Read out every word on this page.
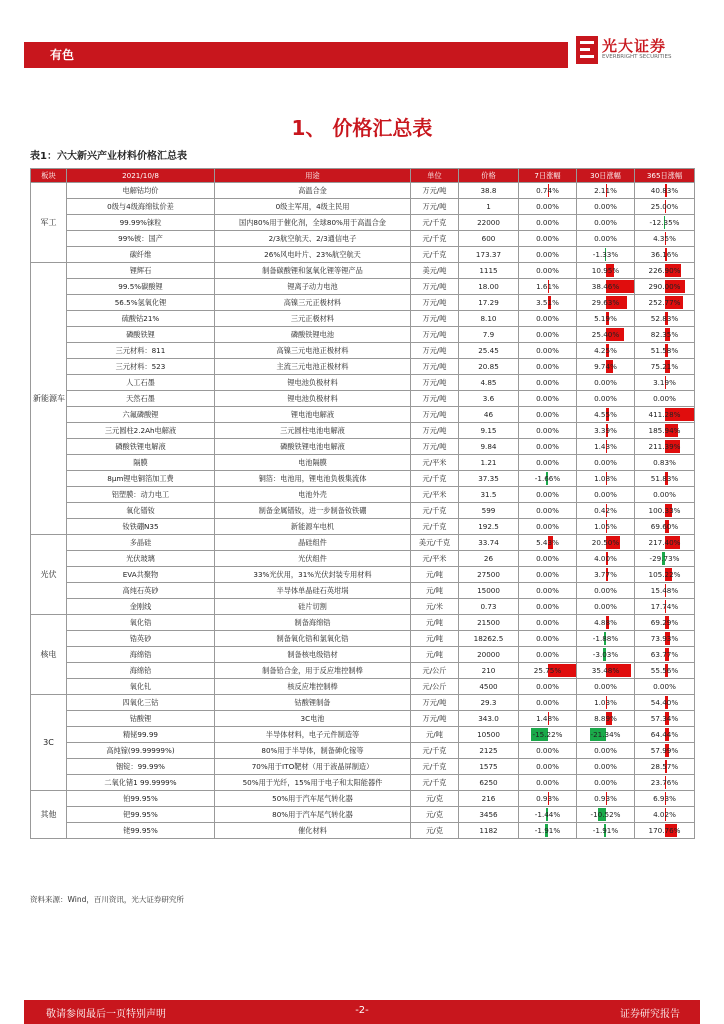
有色	光大证券
EVERBRIGHT SECURITIES
1、 价格汇总表
表1：六大新兴产业材料价格汇总表
板块	2021/10/8	用途	单位	价格	7日涨幅	30日涨幅	365日涨幅
军工	电解钴均价	高温合金	万元/吨	38.8	0.74%	2.11%	40.83%
	0级与4级海绵钛价差	0级主军用，4级主民用	万元/吨	1	0.00%	0.00%	25.00%
	99.99%铼粒	国内80%用于催化剂，全球80%用于高温合金	元/千克	22000	0.00%	0.00%	-12.35%
	99%铍：国产	2/3航空航天、2/3通信电子	元/千克	600	0.00%	0.00%	4.35%
	碳纤维	26%风电叶片、23%航空航天	元/千克	173.37	0.00%	-1.33%	36.16%
新能源车	锂辉石	制备碳酸锂和氢氧化锂等锂产品	美元/吨	1115	0.00%	10.95%	226.90%
	99.5%碳酸锂	锂离子动力电池	万元/吨	18.00	1.61%	38.46%	290.00%
	56.5%氢氧化锂	高镍三元正极材料	万元/吨	17.29	3.51%	29.63%	252.77%
	硫酸钴21%	三元正极材料	万元/吨	8.10	0.00%	5.19%	52.83%
	磷酸铁锂	磷酸铁锂电池	万元/吨	7.9	0.00%	25.40%	82.35%
	三元材料：811	高镍三元电池正极材料	万元/吨	25.45	0.00%	4.25%	51.58%
	三元材料：523	主流三元电池正极材料	万元/吨	20.85	0.00%	9.74%	75.21%
	人工石墨	锂电池负极材料	万元/吨	4.85	0.00%	0.00%	3.19%
	天然石墨	锂电池负极材料	万元/吨	3.6	0.00%	0.00%	0.00%
	六氟磷酸锂	锂电池电解液	万元/吨	46	0.00%	4.55%	411.28%
	三元圆柱2.2Ah电解液	三元圆柱电池电解液	万元/吨	9.15	0.00%	3.39%	185.94%
	磷酸铁锂电解液	磷酸铁锂电池电解液	万元/吨	9.84	0.00%	1.43%	211.39%
	隔膜	电池隔膜	元/平米	1.21	0.00%	0.00%	0.83%
	8μm锂电铜箔加工费	铜箔：电池用，锂电池负极集流体	元/千克	37.35	-1.66%	1.08%	51.83%
	铝塑膜：动力电工	电池外壳	元/平米	31.5	0.00%	0.00%	0.00%
	氧化镨钕	制备金属镨钕，进一步制备钕铁硼	元/千克	599	0.00%	0.42%	100.33%
	钕铁硼N35	新能源车电机	元/千克	192.5	0.00%	1.05%	69.60%
光伏	多晶硅	晶硅组件	美元/千克	33.74	5.43%	20.50%	217.40%
	光伏玻璃	光伏组件	元/平米	26	0.00%	4.00%	-29.73%
	EVA共聚物	33%光伏用，31%光伏封装专用材料	元/吨	27500	0.00%	3.77%	105.22%
	高纯石英砂	半导体单晶硅石英坩埚	元/吨	15000	0.00%	0.00%	15.48%
	金刚线	硅片切割	元/米	0.73	0.00%	0.00%	17.74%
核电	氧化锆	制备海绵锆	元/吨	21500	0.00%	4.88%	69.29%
	锆英砂	制备氧化锆和氯氧化锆	元/吨	18262.5	0.00%	-1.88%	73.93%
	海绵锆	制备核电级锆材	元/吨	20000	0.00%	-3.03%	63.77%
	海绵铪	制备铪合金，用于反应堆控制棒	元/公斤	210	25.75%	35.48%	55.56%
	氧化钆	核反应堆控制棒	元/公斤	4500	0.00%	0.00%	0.00%
3C	四氧化三钴	钴酸锂制备	万元/吨	29.3	0.00%	1.03%	54.40%
	钴酸锂	3C电池	万元/吨	343.0	1.48%	8.89%	57.34%
	精铋99.99	半导体材料，电子元件制造等	元/吨	10500	-15.22%	-21.34%	64.44%
	高纯镓(99.99999%)	80%用于半导体，制备砷化镓等	元/千克	2125	0.00%	0.00%	57.99%
	铟锭：99.99%	70%用于ITO靶材（用于液晶屏制造）	元/千克	1575	0.00%	0.00%	28.57%
	二氧化锗1 99.9999%	50%用于光纤，15%用于电子和太阳能器件	元/千克	6250	0.00%	0.00%	23.76%
其他	铂99.95%	50%用于汽车尾气转化器	元/克	216	0.93%	0.93%	6.93%
	钯99.95%	80%用于汽车尾气转化器	元/克	3456	-1.44%	-10.52%	4.02%
	铑99.95%	催化材料	元/克	1182	-1.91%	-1.91%	170.76%
资料来源：Wind，百川资讯，光大证券研究所
敬请参阅最后一页特别声明	-2-	证券研究报告
